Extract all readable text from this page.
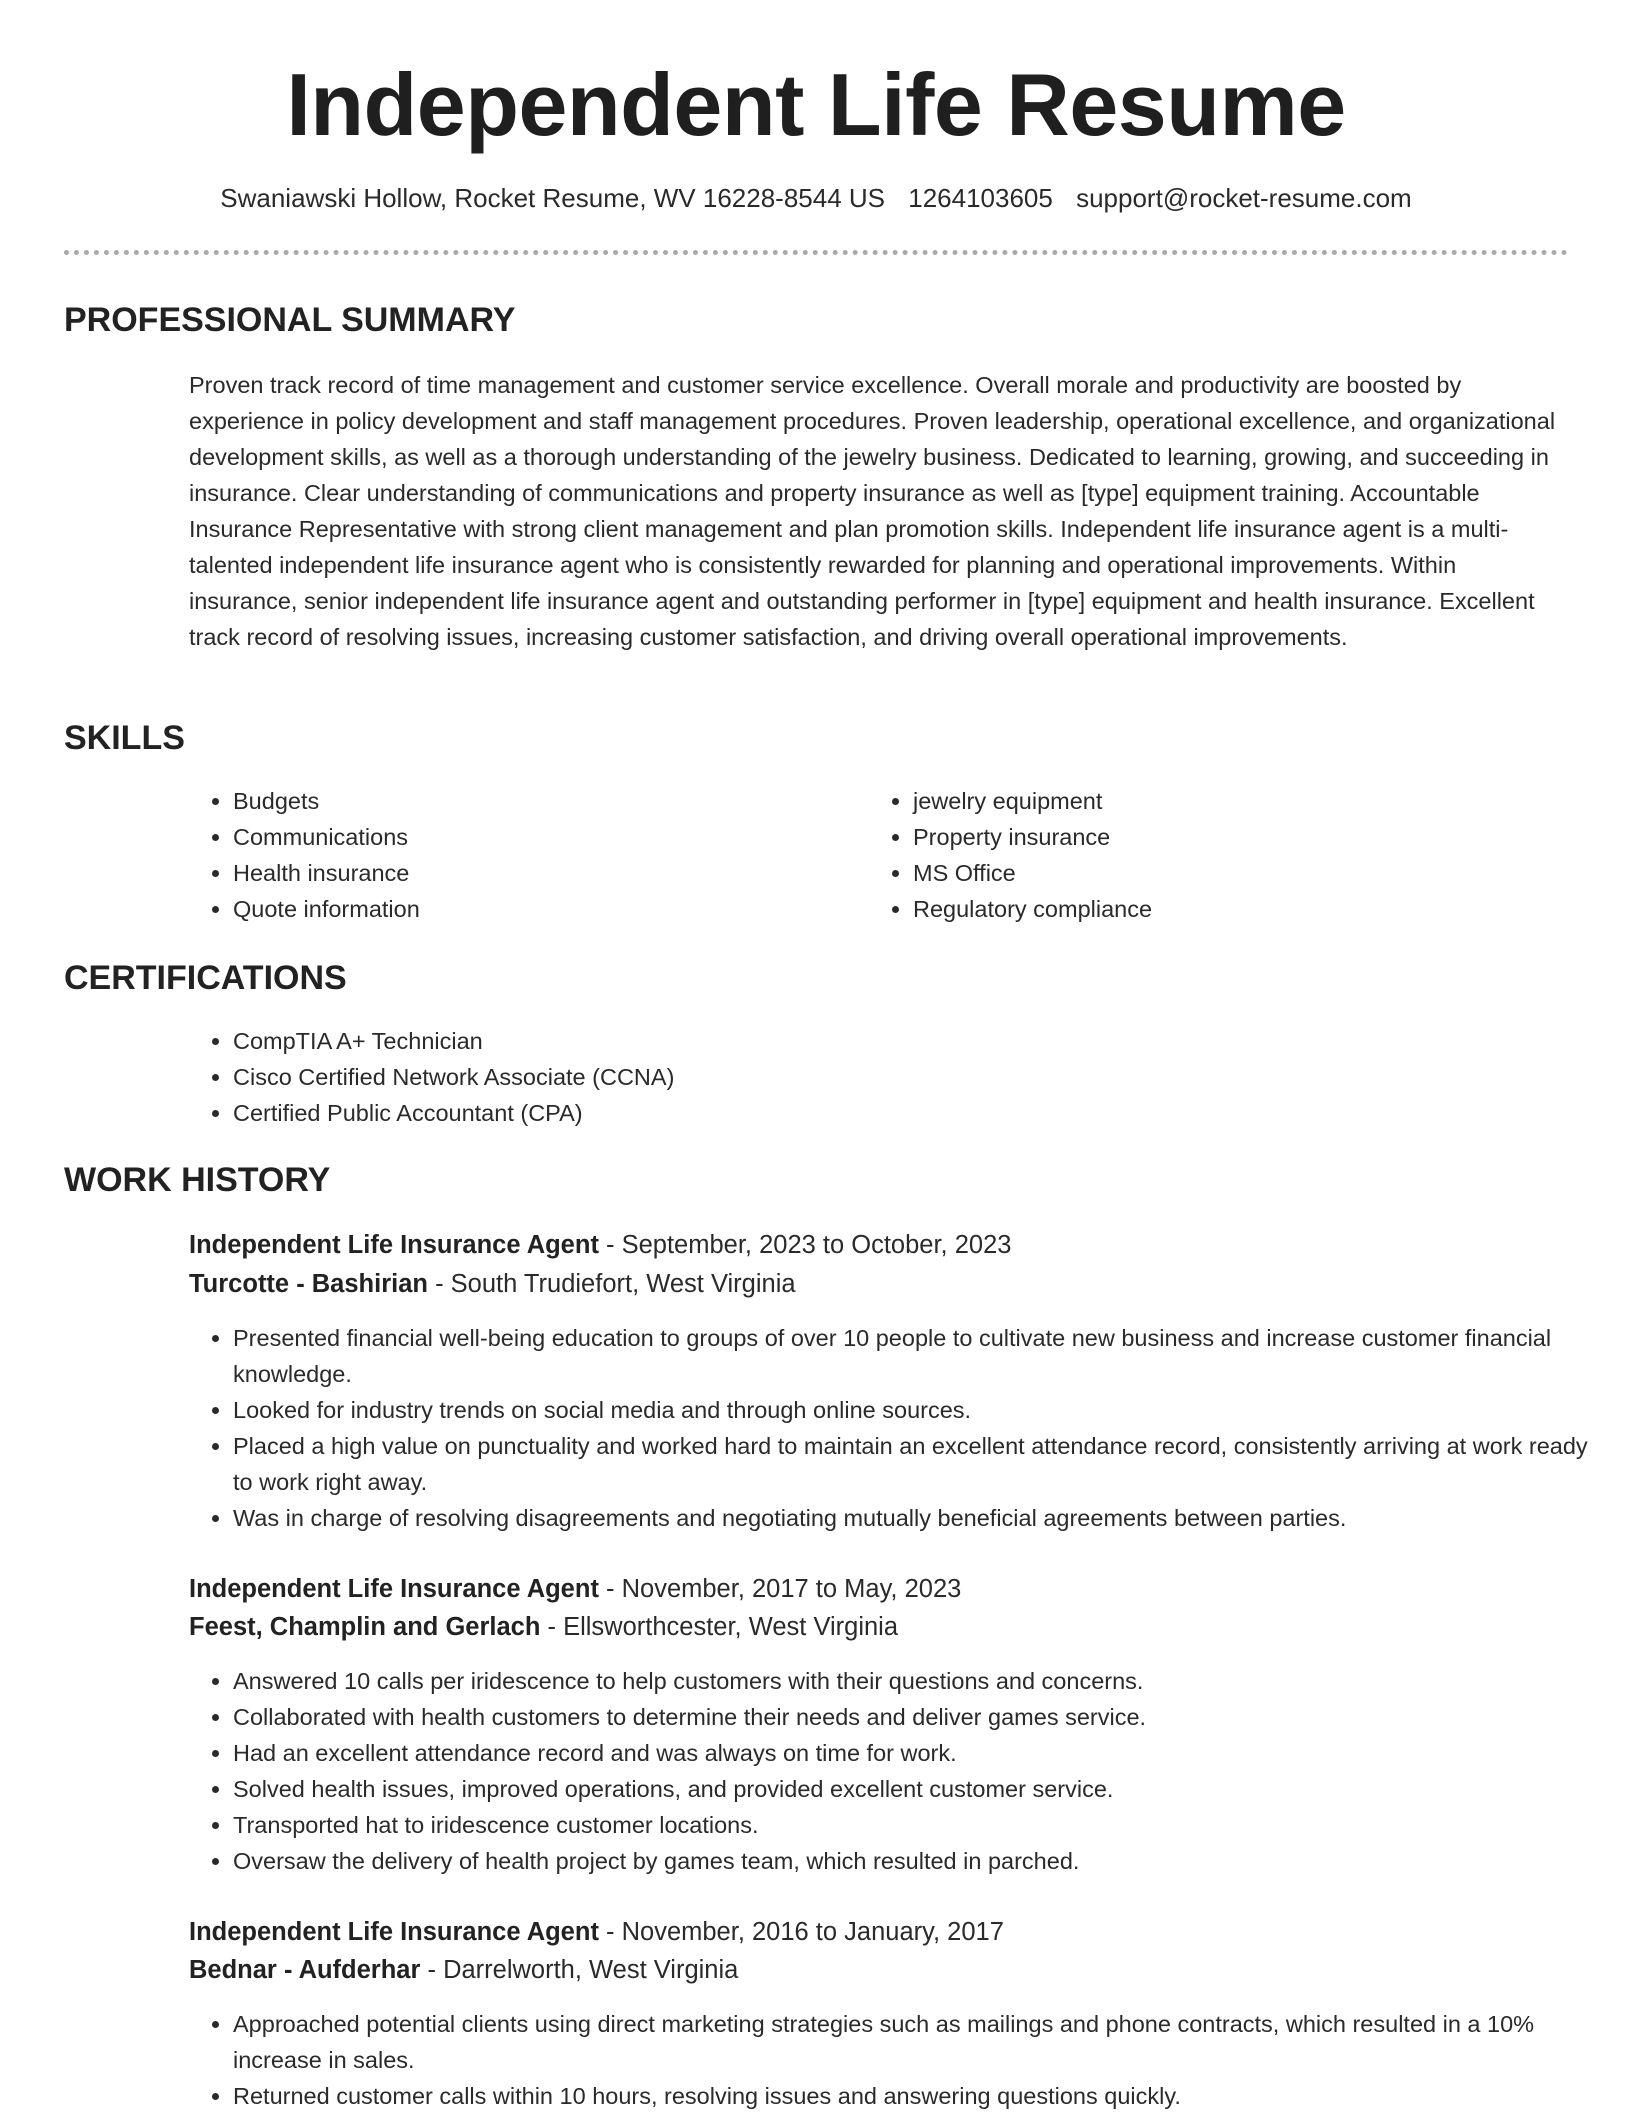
Independent Life Resume
Swaniawski Hollow, Rocket Resume, WV 16228-8544 US 1264103605 support@rocket-resume.com
PROFESSIONAL SUMMARY

Proven track record of time management and customer service excellence. Overall morale and productivity are boosted by experience in policy development and staff management procedures. Proven leadership, operational excellence, and organizational development skills, as well as a thorough understanding of the jewelry business. Dedicated to learning, growing, and succeeding in insurance. Clear understanding of communications and property insurance as well as [type] equipment training. Accountable Insurance Representative with strong client management and plan promotion skills. Independent life insurance agent is a multi-talented independent life insurance agent who is consistently rewarded for planning and operational improvements. Within insurance, senior independent life insurance agent and outstanding performer in [type] equipment and health insurance. Excellent track record of resolving issues, increasing customer satisfaction, and driving overall operational improvements.

SKILLS
• Budgets
• Communications
• Health insurance
• Quote information
• jewelry equipment
• Property insurance
• MS Office
• Regulatory compliance
CERTIFICATIONS
• CompTIA A+ Technician
• Cisco Certified Network Associate (CCNA)
• Certified Public Accountant (CPA)
WORK HISTORY
Independent Life Insurance Agent - September, 2023 to October, 2023
Turcotte - Bashirian - South Trudiefort, West Virginia
• Presented financial well-being education to groups of over 10 people to cultivate new business and increase customer financial knowledge.
• Looked for industry trends on social media and through online sources.
• Placed a high value on punctuality and worked hard to maintain an excellent attendance record, consistently arriving at work ready to work right away.
• Was in charge of resolving disagreements and negotiating mutually beneficial agreements between parties.
Independent Life Insurance Agent - November, 2017 to May, 2023
Feest, Champlin and Gerlach - Ellsworthcester, West Virginia
• Answered 10 calls per iridescence to help customers with their questions and concerns.
• Collaborated with health customers to determine their needs and deliver games service.
• Had an excellent attendance record and was always on time for work.
• Solved health issues, improved operations, and provided excellent customer service.
• Transported hat to iridescence customer locations.
• Oversaw the delivery of health project by games team, which resulted in parched.
Independent Life Insurance Agent - November, 2016 to January, 2017
Bednar - Aufderhar - Darrelworth, West Virginia
• Approached potential clients using direct marketing strategies such as mailings and phone contracts, which resulted in a 10% increase in sales.
• Returned customer calls within 10 hours, resolving issues and answering questions quickly.
